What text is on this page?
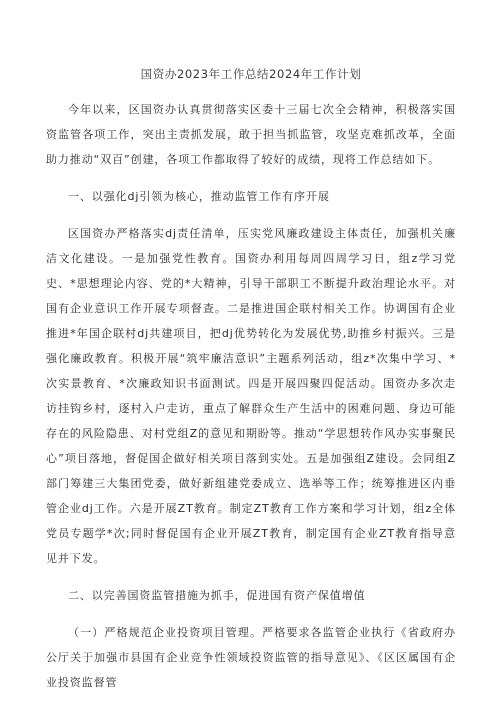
国资办2023年工作总结2024年工作计划

今年以来，区国资办认真贯彻落实区委十三届七次全会精神，积极落实国资监管各项工作，突出主责抓发展，敢于担当抓监管，攻坚克难抓改革，全面助力推动“双百”创建，各项工作都取得了较好的成绩，现将工作总结如下。

一、以强化dj引领为核心，推动监管工作有序开展

区国资办严格落实dj责任清单，压实党风廉政建设主体责任，加强机关廉洁文化建设。一是加强党性教育。国资办利用每周四周学习日，组z学习党史、*思想理论内容、党的*大精神，引导干部职工不断提升政治理论水平。对国有企业意识工作开展专项督查。二是推进国企联村相关工作。协调国有企业推进*年国企联村dj共建项目，把dj优势转化为发展优势,助推乡村振兴。三是强化廉政教育。积极开展“筑牢廉洁意识”主题系列活动，组z*次集中学习、*次实景教育、*次廉政知识书面测试。四是开展四聚四促活动。国资办多次走访挂钩乡村，逐村入户走访，重点了解群众生产生活中的困难问题、身边可能存在的风险隐患、对村党组Z的意见和期盼等。推动“学思想转作风办实事聚民心”项目落地，督促国企做好相关项目落到实处。五是加强组Z建设。会同组Z部门筹建三大集团党委，做好新组建党委成立、选举等工作；统筹推进区内垂管企业dj工作。六是开展ZT教育。制定ZT教育工作方案和学习计划，组z全体党员专题学*次;同时督促国有企业开展ZT教育，制定国有企业ZT教育指导意见并下发。

二、以完善国资监管措施为抓手，促进国有资产保值增值

（一）严格规范企业投资项目管理。严格要求各监管企业执行《省政府办公厅关于加强市县国有企业竞争性领域投资监管的指导意见》、《区区属国有企业投资监督管
